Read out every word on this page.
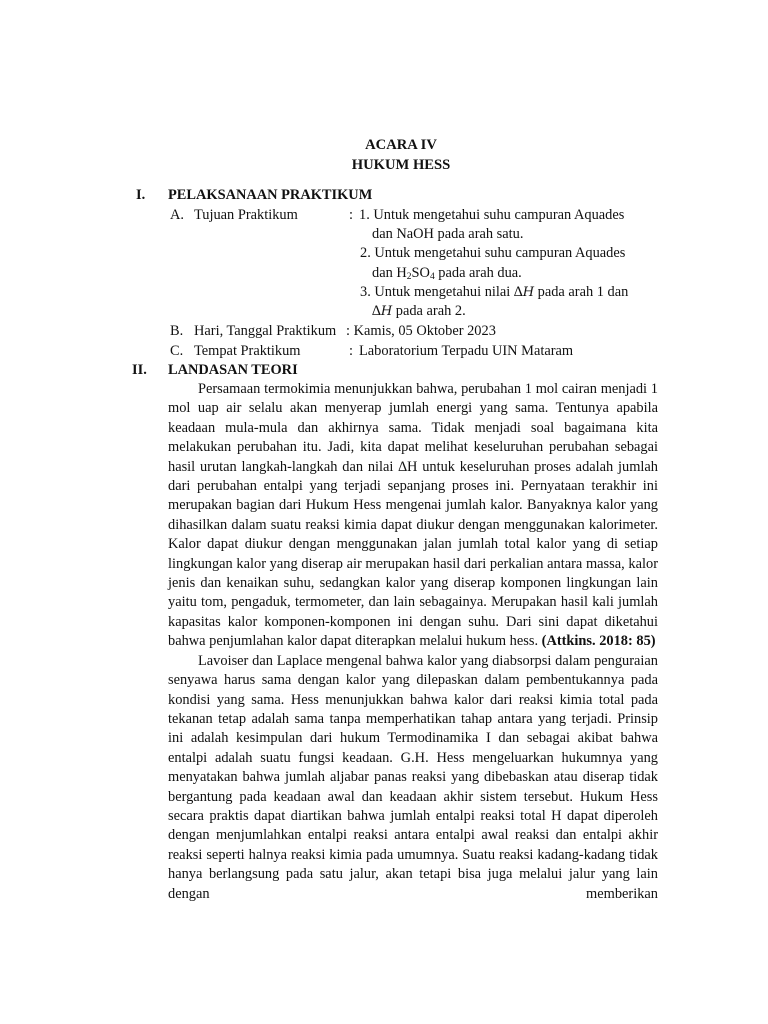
ACARA IV
HUKUM HESS
I. PELAKSANAAN PRAKTIKUM
A. Tujuan Praktikum	: 1. Untuk mengetahui suhu campuran Aquades
dan NaOH pada arah satu.
2. Untuk mengetahui suhu campuran Aquades
dan $H_2SO_4$ pada arah dua.
3. Untuk mengetahui nilai ∆H pada arah 1 dan
∆H pada arah 2.
B. Hari, Tanggal Praktikum : Kamis, 05 Oktober 2023
C. Tempat Praktikum	: Laboratorium Terpadu UIN Mataram
II. LANDASAN TEORI

Persamaan termokimia menunjukkan bahwa, perubahan 1 mol cairan menjadi 1 mol uap air selalu akan menyerap jumlah energi yang sama. Tentunya apabila keadaan mula-mula dan akhirnya sama. Tidak menjadi soal bagaimana kita melakukan perubahan itu. Jadi, kita dapat melihat keseluruhan perubahan sebagai hasil urutan langkah-langkah dan nilai ∆H untuk keseluruhan proses adalah jumlah dari perubahan entalpi yang terjadi sepanjang proses ini. Pernyataan terakhir ini merupakan bagian dari Hukum Hess mengenai jumlah kalor. Banyaknya kalor yang dihasilkan dalam suatu reaksi kimia dapat diukur dengan menggunakan kalorimeter. Kalor dapat diukur dengan menggunakan jalan jumlah total kalor yang di setiap lingkungan kalor yang diserap air merupakan hasil dari perkalian antara massa, kalor jenis dan kenaikan suhu, sedangkan kalor yang diserap komponen lingkungan lain yaitu tom, pengaduk, termometer, dan lain sebagainya. Merupakan hasil kali jumlah kapasitas kalor komponen-komponen ini dengan suhu. Dari sini dapat diketahui bahwa penjumlahan kalor dapat diterapkan melalui hukum hess. (Attkins. 2018: 85)

Lavoiser dan Laplace mengenal bahwa kalor yang diabsorpsi dalam penguraian senyawa harus sama dengan kalor yang dilepaskan dalam pembentukannya pada kondisi yang sama. Hess menunjukkan bahwa kalor dari reaksi kimia total pada tekanan tetap adalah sama tanpa memperhatikan tahap antara yang terjadi. Prinsip ini adalah kesimpulan dari hukum Termodinamika I dan sebagai akibat bahwa entalpi adalah suatu fungsi keadaan. G.H. Hess mengeluarkan hukumnya yang menyatakan bahwa jumlah aljabar panas reaksi yang dibebaskan atau diserap tidak bergantung pada keadaan awal dan keadaan akhir sistem tersebut. Hukum Hess secara praktis dapat diartikan bahwa jumlah entalpi reaksi total H dapat diperoleh dengan menjumlahkan entalpi reaksi antara entalpi awal reaksi dan entalpi akhir reaksi seperti halnya reaksi kimia pada umumnya. Suatu reaksi kadang-kadang tidak hanya berlangsung pada satu jalur, akan tetapi bisa juga melalui jalur yang lain dengan memberikan
